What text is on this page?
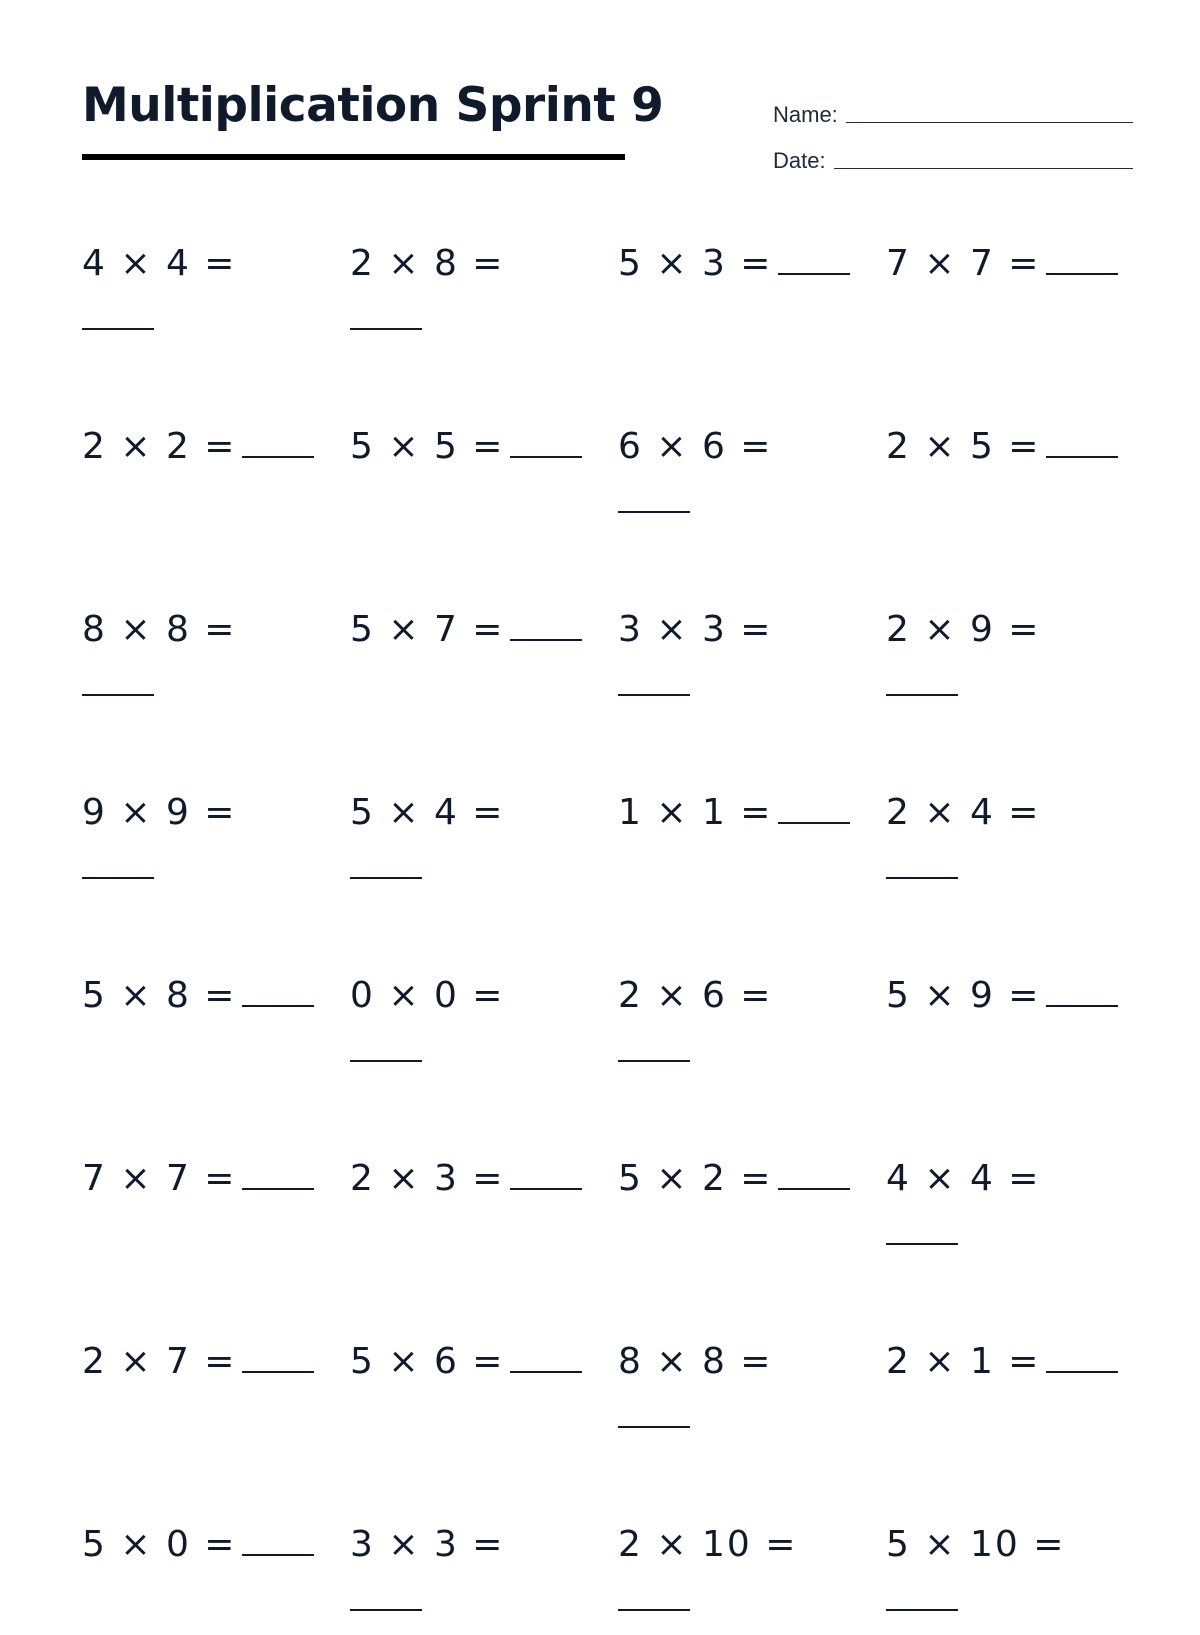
Multiplication Sprint 9	Name:
Date:
4 × 4 =	2 × 8 =	5 × 3 =	7 × 7 =
2 × 2 =	5 × 5 =	6 × 6 =	2 × 5 =
8 × 8 =	5 × 7 =	3 × 3 =	2 × 9 =
9 × 9 =	5 × 4 =	1 × 1 =	2 × 4 =
5 × 8 =	0 × 0 =	2 × 6 =	5 × 9 =
7 × 7 =	2 × 3 =	5 × 2 =	4 × 4 =
2 × 7 =	5 × 6 =	8 × 8 =	2 × 1 =
5 × 0 =	3 × 3 =	2 × 10 =	5 × 10 =
